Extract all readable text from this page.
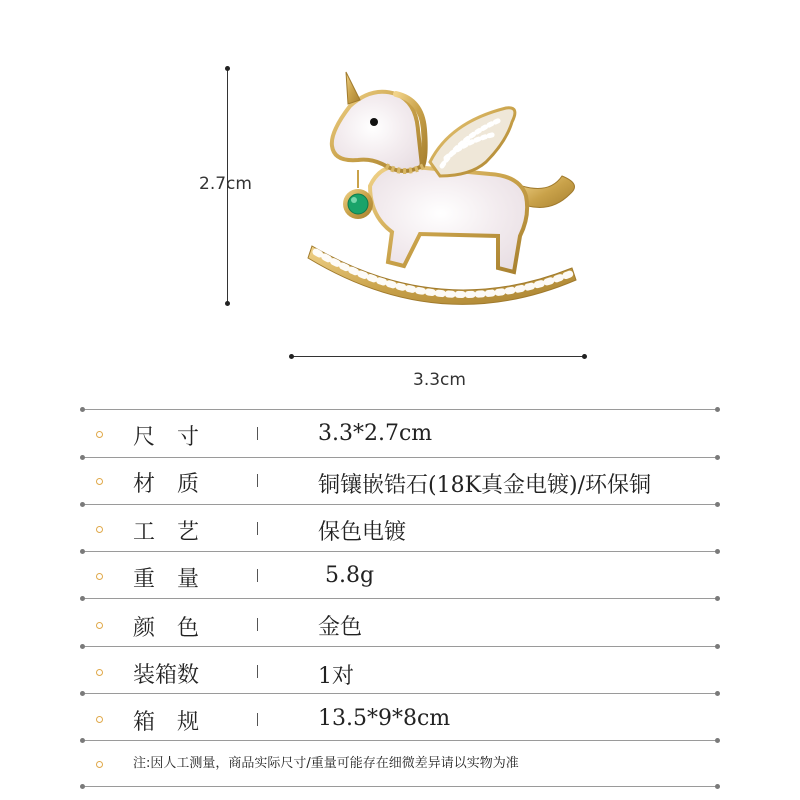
2.7cm
3.3cm
尺　寸	3.3*2.7cm
材　质	铜镶嵌锆石(18K真金电镀)/环保铜
工　艺	保色电镀
重　量	5.8g
颜　色	金色
装箱数	1对
箱　规	13.5*9*8cm
注:因人工测量，商品实际尺寸/重量可能存在细微差异请以实物为准
